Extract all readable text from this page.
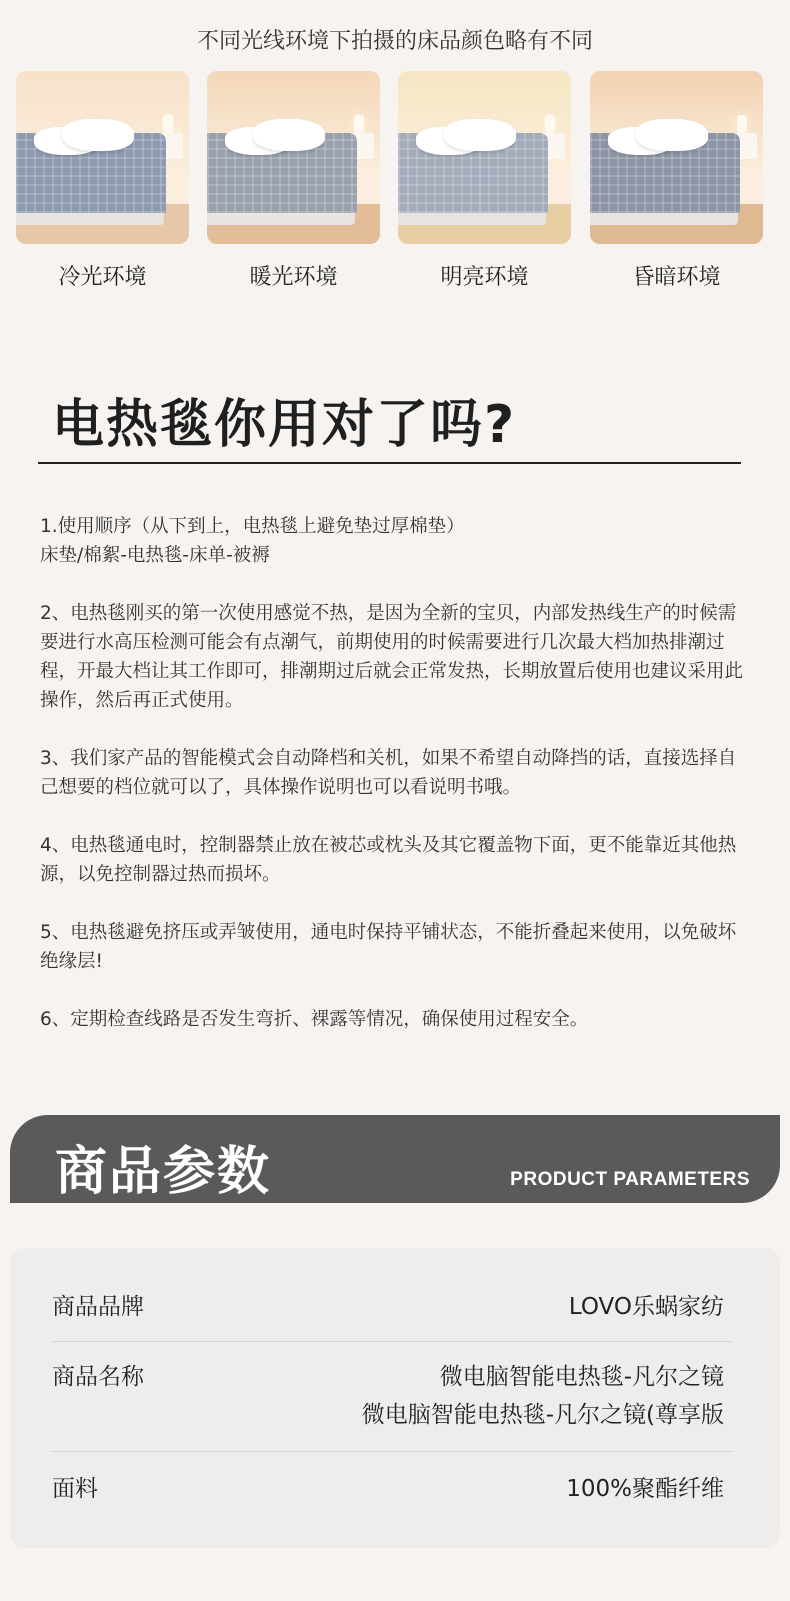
不同光线环境下拍摄的床品颜色略有不同
冷光环境	暖光环境	明亮环境	昏暗环境
电热毯你用对了吗?
1.使用顺序（从下到上，电热毯上避免垫过厚棉垫）
床垫/棉絮-电热毯-床单-被褥
2、电热毯刚买的第一次使用感觉不热，是因为全新的宝贝，内部发热线生产的时候需要进行水高压检测可能会有点潮气，前期使用的时候需要进行几次最大档加热排潮过程，开最大档让其工作即可，排潮期过后就会正常发热，长期放置后使用也建议采用此操作，然后再正式使用。
3、我们家产品的智能模式会自动降档和关机，如果不希望自动降挡的话，直接选择自己想要的档位就可以了，具体操作说明也可以看说明书哦。
4、电热毯通电时，控制器禁止放在被芯或枕头及其它覆盖物下面，更不能靠近其他热源，以免控制器过热而损坏。
5、电热毯避免挤压或弄皱使用，通电时保持平铺状态，不能折叠起来使用，以免破坏绝缘层!
6、定期检查线路是否发生弯折、裸露等情况，确保使用过程安全。
商品参数	PRODUCT PARAMETERS
商品品牌	LOVO乐蜗家纺
商品名称	微电脑智能电热毯-凡尔之镜
微电脑智能电热毯-凡尔之镜(尊享版
面料	100%聚酯纤维
